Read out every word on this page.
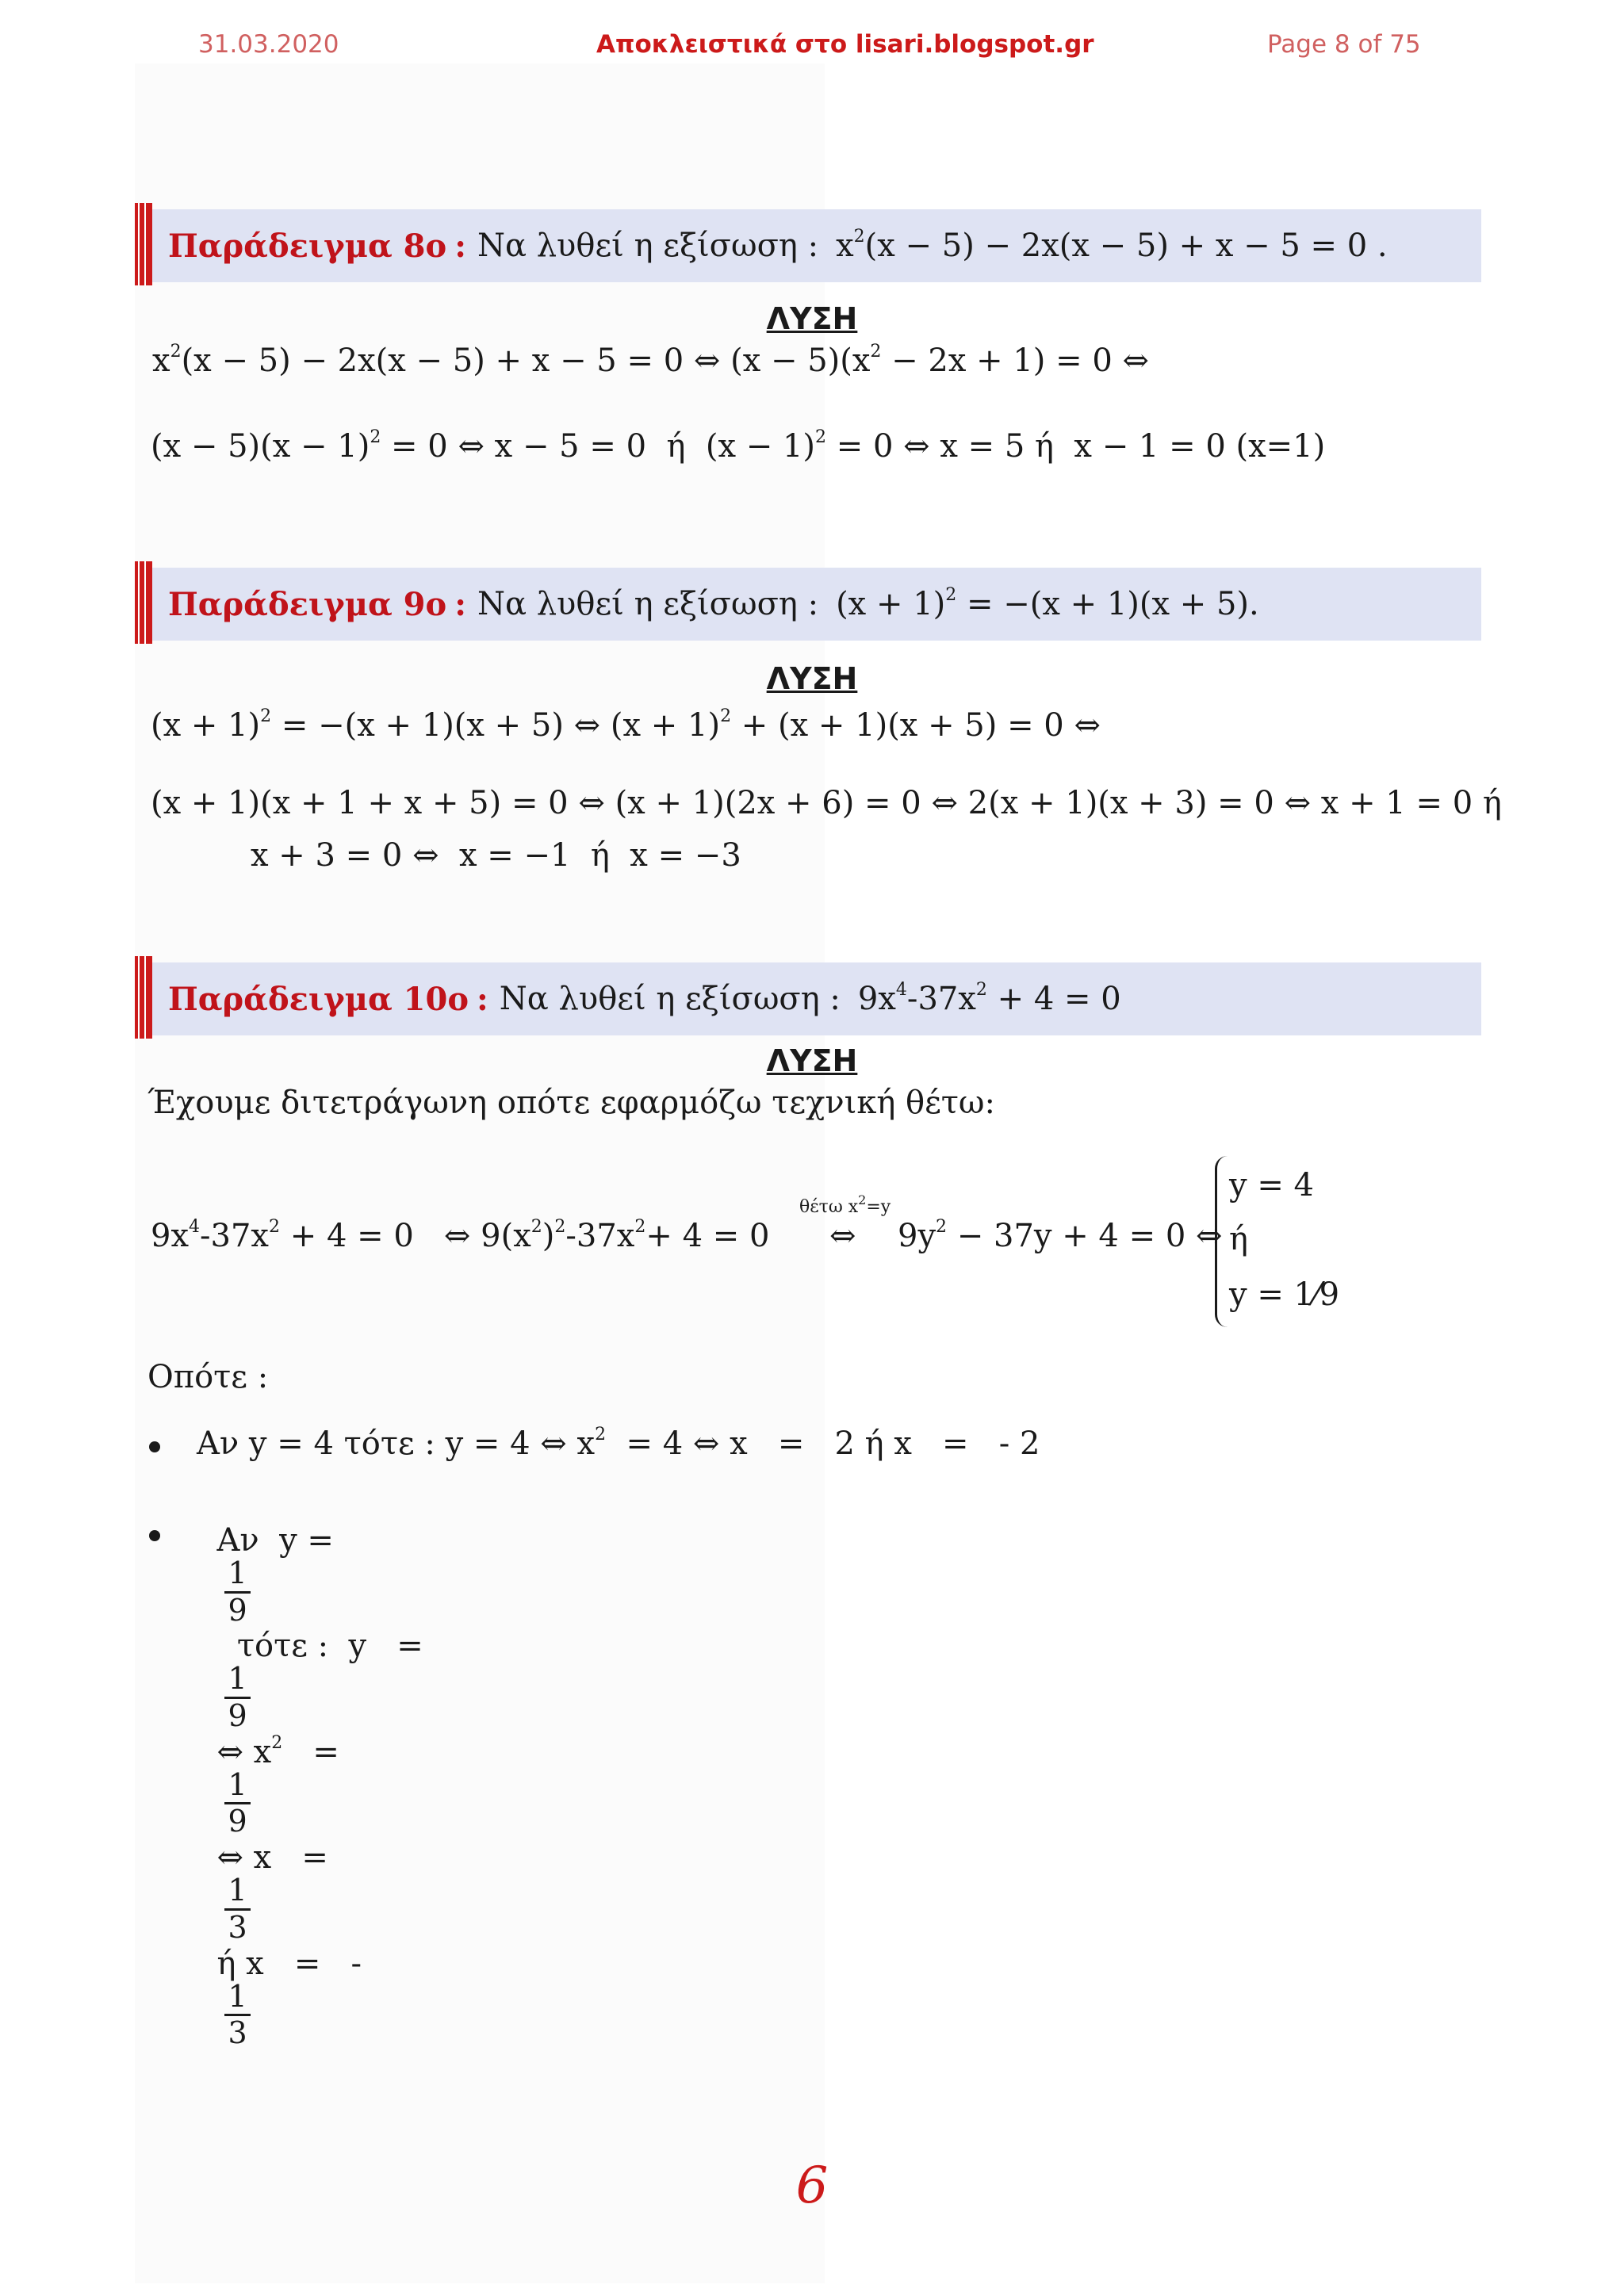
31.03.2020	Αποκλειστικά στο lisari.blogspot.gr	Page 8 of 75
Παράδειγμα 8ο : Να λυθεί η εξίσωση : $x^2(x - 5) - 2x(x - 5) + x - 5 = 0$ .
ΛΥΣΗ
$x^2(x - 5) - 2x(x - 5) + x - 5 = 0$ ⇔ $(x - 5)(x^2 - 2x + 1) = 0$ ⇔
$(x - 5)(x - 1)^2 = 0$ ⇔ x − 5 = 0  ή  $(x - 1)^2 = 0$ ⇔ x = 5 ή  x − 1 = 0 (x=1)
Παράδειγμα 9ο : Να λυθεί η εξίσωση : $(x + 1)^2 = -(x + 1)(x + 5)$.
ΛΥΣΗ
$(x + 1)^2 = -(x + 1)(x + 5)$ ⇔ $(x + 1)^2 + (x + 1)(x + 5) = 0$ ⇔
(x + 1)(x + 1 + x + 5) = 0 ⇔ (x + 1)(2x + 6) = 0 ⇔ 2(x + 1)(x + 3) = 0 ⇔ x + 1 = 0 ή
x + 3 = 0 ⇔  x = −1  ή  x = −3
Παράδειγμα 10ο : Να λυθεί η εξίσωση : $9x^4-37x^2 + 4 = 0$
ΛΥΣΗ
Έχουμε διτετράγωνη οπότε εφαρμόζω τεχνική θέτω:
θέτω $x^2=y$
$9x^4-37x^2 + 4 = 0$   ⇔ $9(x^2)^2-37x^2+ 4 = 0$ ⇔ $9y^2 - 37y + 4 = 0$ ⇔
y = 4
ή
y = 1⁄9
Οπότε :
Αν y = 4 τότε : y = 4 ⇔ $x^2 = 4$ ⇔ x   =   2 ή x   =   - 2

Αν  y =

$\frac{1}{9}$

τότε :  y   =

$\frac{1}{9}$

⇔ $x^2$   =

$\frac{1}{9}$

⇔ x   =

$\frac{1}{3}$

ή x   =   -

$\frac{1}{3}$

6
